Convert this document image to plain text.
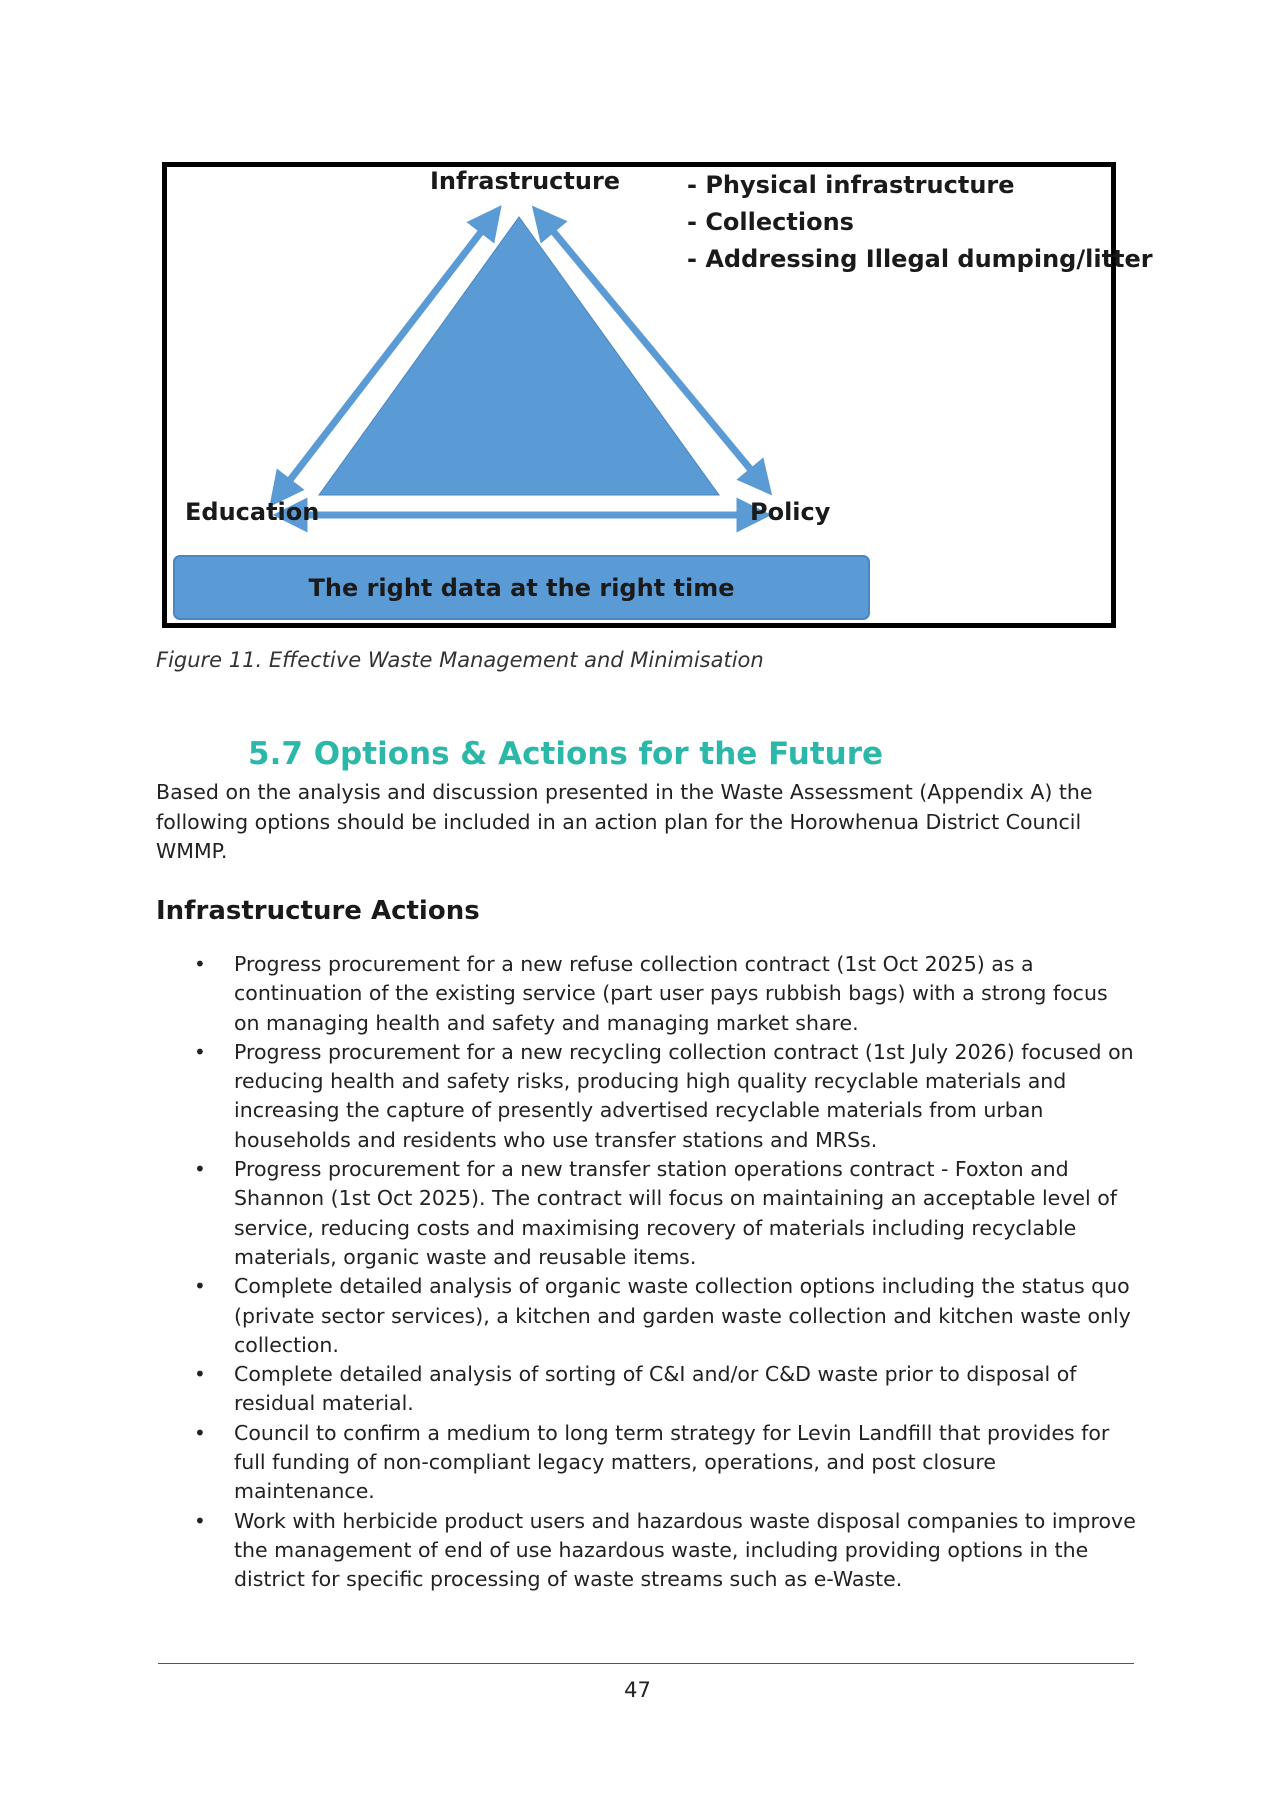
Infrastructure
Education	Policy
- Physical infrastructure
- Collections
- Addressing Illegal dumping/litter
The right data at the right time
Figure 11. Effective Waste Management and Minimisation
5.7 Options & Actions for the Future

Based on the analysis and discussion presented in the Waste Assessment (Appendix A) the following options should be included in an action plan for the Horowhenua District Council WMMP.

Infrastructure Actions
• Progress procurement for a new refuse collection contract (1st Oct 2025) as a continuation of the existing service (part user pays rubbish bags) with a strong focus on managing health and safety and managing market share.
• Progress procurement for a new recycling collection contract (1st July 2026) focused on reducing health and safety risks, producing high quality recyclable materials and increasing the capture of presently advertised recyclable materials from urban households and residents who use transfer stations and MRSs.
• Progress procurement for a new transfer station operations contract - Foxton and Shannon (1st Oct 2025). The contract will focus on maintaining an acceptable level of service, reducing costs and maximising recovery of materials including recyclable materials, organic waste and reusable items.
• Complete detailed analysis of organic waste collection options including the status quo (private sector services), a kitchen and garden waste collection and kitchen waste only collection.
• Complete detailed analysis of sorting of C&I and/or C&D waste prior to disposal of residual material.
• Council to confirm a medium to long term strategy for Levin Landfill that provides for full funding of non-compliant legacy matters, operations, and post closure maintenance.
• Work with herbicide product users and hazardous waste disposal companies to improve the management of end of use hazardous waste, including providing options in the district for specific processing of waste streams such as e-Waste.
47
